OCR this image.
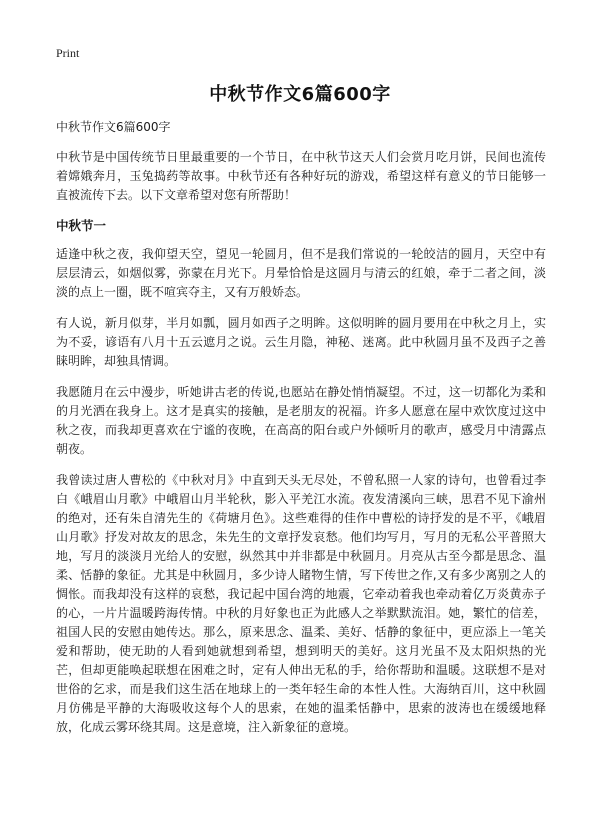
Print
中秋节作文6篇600字

中秋节作文6篇600字

中秋节是中国传统节日里最重要的一个节日，在中秋节这天人们会赏月吃月饼，民间也流传着嫦娥奔月，玉兔捣药等故事。中秋节还有各种好玩的游戏，希望这样有意义的节日能够一直被流传下去。以下文章希望对您有所帮助！

中秋节一

适逢中秋之夜，我仰望天空，望见一轮圆月，但不是我们常说的一轮皎洁的圆月，天空中有层层清云，如烟似雾，弥蒙在月光下。月晕恰恰是这圆月与清云的红娘，牵于二者之间，淡淡的点上一圈，既不喧宾夺主，又有万般娇态。

有人说，新月似芽，半月如瓢，圆月如西子之明眸。这似明眸的圆月要用在中秋之月上，实为不妥，谚语有八月十五云遮月之说。云生月隐，神秘、迷离。此中秋圆月虽不及西子之善睐明眸，却独具情调。

我愿随月在云中漫步，听她讲古老的传说,也愿站在静处悄悄凝望。不过，这一切都化为柔和的月光洒在我身上。这才是真实的接触，是老朋友的祝福。许多人愿意在屋中欢饮度过这中秋之夜，而我却更喜欢在宁谧的夜晚，在高高的阳台或户外倾听月的歌声，感受月中清露点朝夜。

我曾读过唐人曹松的《中秋对月》中直到天头无尽处，不曾私照一人家的诗句，也曾看过李白《峨眉山月歌》中峨眉山月半轮秋，影入平羌江水流。夜发清溪向三峡，思君不见下渝州的绝对，还有朱自清先生的《荷塘月色》。这些难得的佳作中曹松的诗抒发的是不平，《峨眉山月歌》抒发对故友的思念，朱先生的文章抒发哀愁。他们均写月，写月的无私公平普照大地，写月的淡淡月光给人的安慰，纵然其中并非都是中秋圆月。月亮从古至今都是思念、温柔、恬静的象征。尤其是中秋圆月，多少诗人睹物生情，写下传世之作,又有多少离别之人的惆怅。而我却没有这样的哀愁，我记起中国台湾的地震，它牵动着我也牵动着亿万炎黄赤子的心，一片片温暖跨海传情。中秋的月好象也正为此感人之举默默流泪。她，繁忙的信差，祖国人民的安慰由她传达。那么，原来思念、温柔、美好、恬静的象征中，更应添上一笔关爱和帮助，使无助的人看到她就想到希望，想到明天的美好。这月光虽不及太阳炽热的光芒，但却更能唤起联想在困难之时，定有人伸出无私的手，给你帮助和温暖。这联想不是对世俗的乞求，而是我们这生活在地球上的一类年轻生命的本性人性。大海纳百川，这中秋圆月仿佛是平静的大海吸收这每个人的思索，在她的温柔恬静中，思索的波涛也在缓缓地释放，化成云雾环绕其周。这是意境，注入新象征的意境。
